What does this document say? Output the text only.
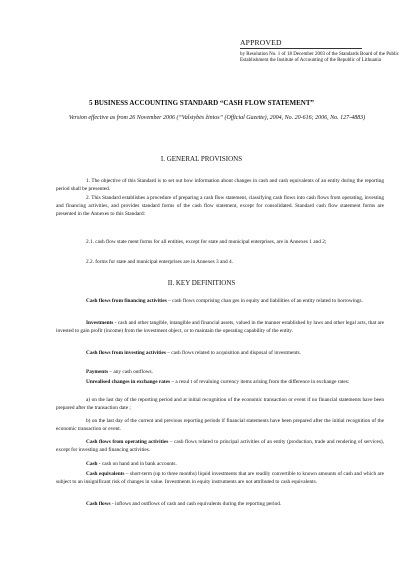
APPROVED
by Resolution No. 1 of 18 December 2003 of the Standards Board of the Public Establishment the Institute of Accounting of the Republic of Lithuania
5 BUSINESS ACCOUNTING STANDARD “CASH FLOW STATEMENT”
Version effective as from 26 November 2006 (“Valstybės žinios” (Official Gazette), 2004, No. 20-616; 2006, No. 127-4883)
I. GENERAL PROVISIONS
1. The objective of this Standard is to set out how information about changes in cash and cash equivalents of an entity during the reporting period shall be presented.
2. This Standard establishes a procedure of preparing a cash flow statement, classifying cash flows into cash flows from operating, investing and financing activities, and provides standard forms of the cash flow statement, except for consolidated. Standard cash flow statement forms are presented in the Annexes to this Standard:
2.1. cash flow state ment forms for all entities, except for state and municipal enterprises, are in Annexes 1 and 2;
2.2. forms for state and municipal enterprises are in Annexes 3 and 4.
II. KEY DEFINITIONS
Cash flows from financing activities – cash flows comprising chan ges in equity and liabilities of an entity related to borrowings.
Investments - cash and other tangible, intangible and financial assets, valued in the manner established by laws and other legal acts, that are invested to gain profit (income) from the investment object, or to maintain the operating capability of the entity.
Cash flows from investing activities – cash flows related to acquisition and disposal of investments.
Payments – any cash outflows.
Unrealised changes in exchange rates – a resul t of revaluing currency items arising from the difference in exchange rates:
a) on the last day of the reporting period and at initial recognition of the economic transaction or event if no financial statements have been prepared after the transaction date ;
b) on the last day of the current and previous reporting periods if financial statements have been prepared after the initial recognition of the economic transaction or event.
Cash flows from operating activities – cash flows related to principal activities of an entity (production, trade and rendering of services), except for investing and financing activities.
Cash - cash on hand and in bank accounts.
Cash equivalents – short-term (up to three months) liquid investments that are readily convertible to known amounts of cash and which are subject to an insignificant risk of changes in value. Investments in equity instruments are not attributed to cash equivalents.
Cash flows - inflows and outflows of cash and cash equivalents during the reporting period.
